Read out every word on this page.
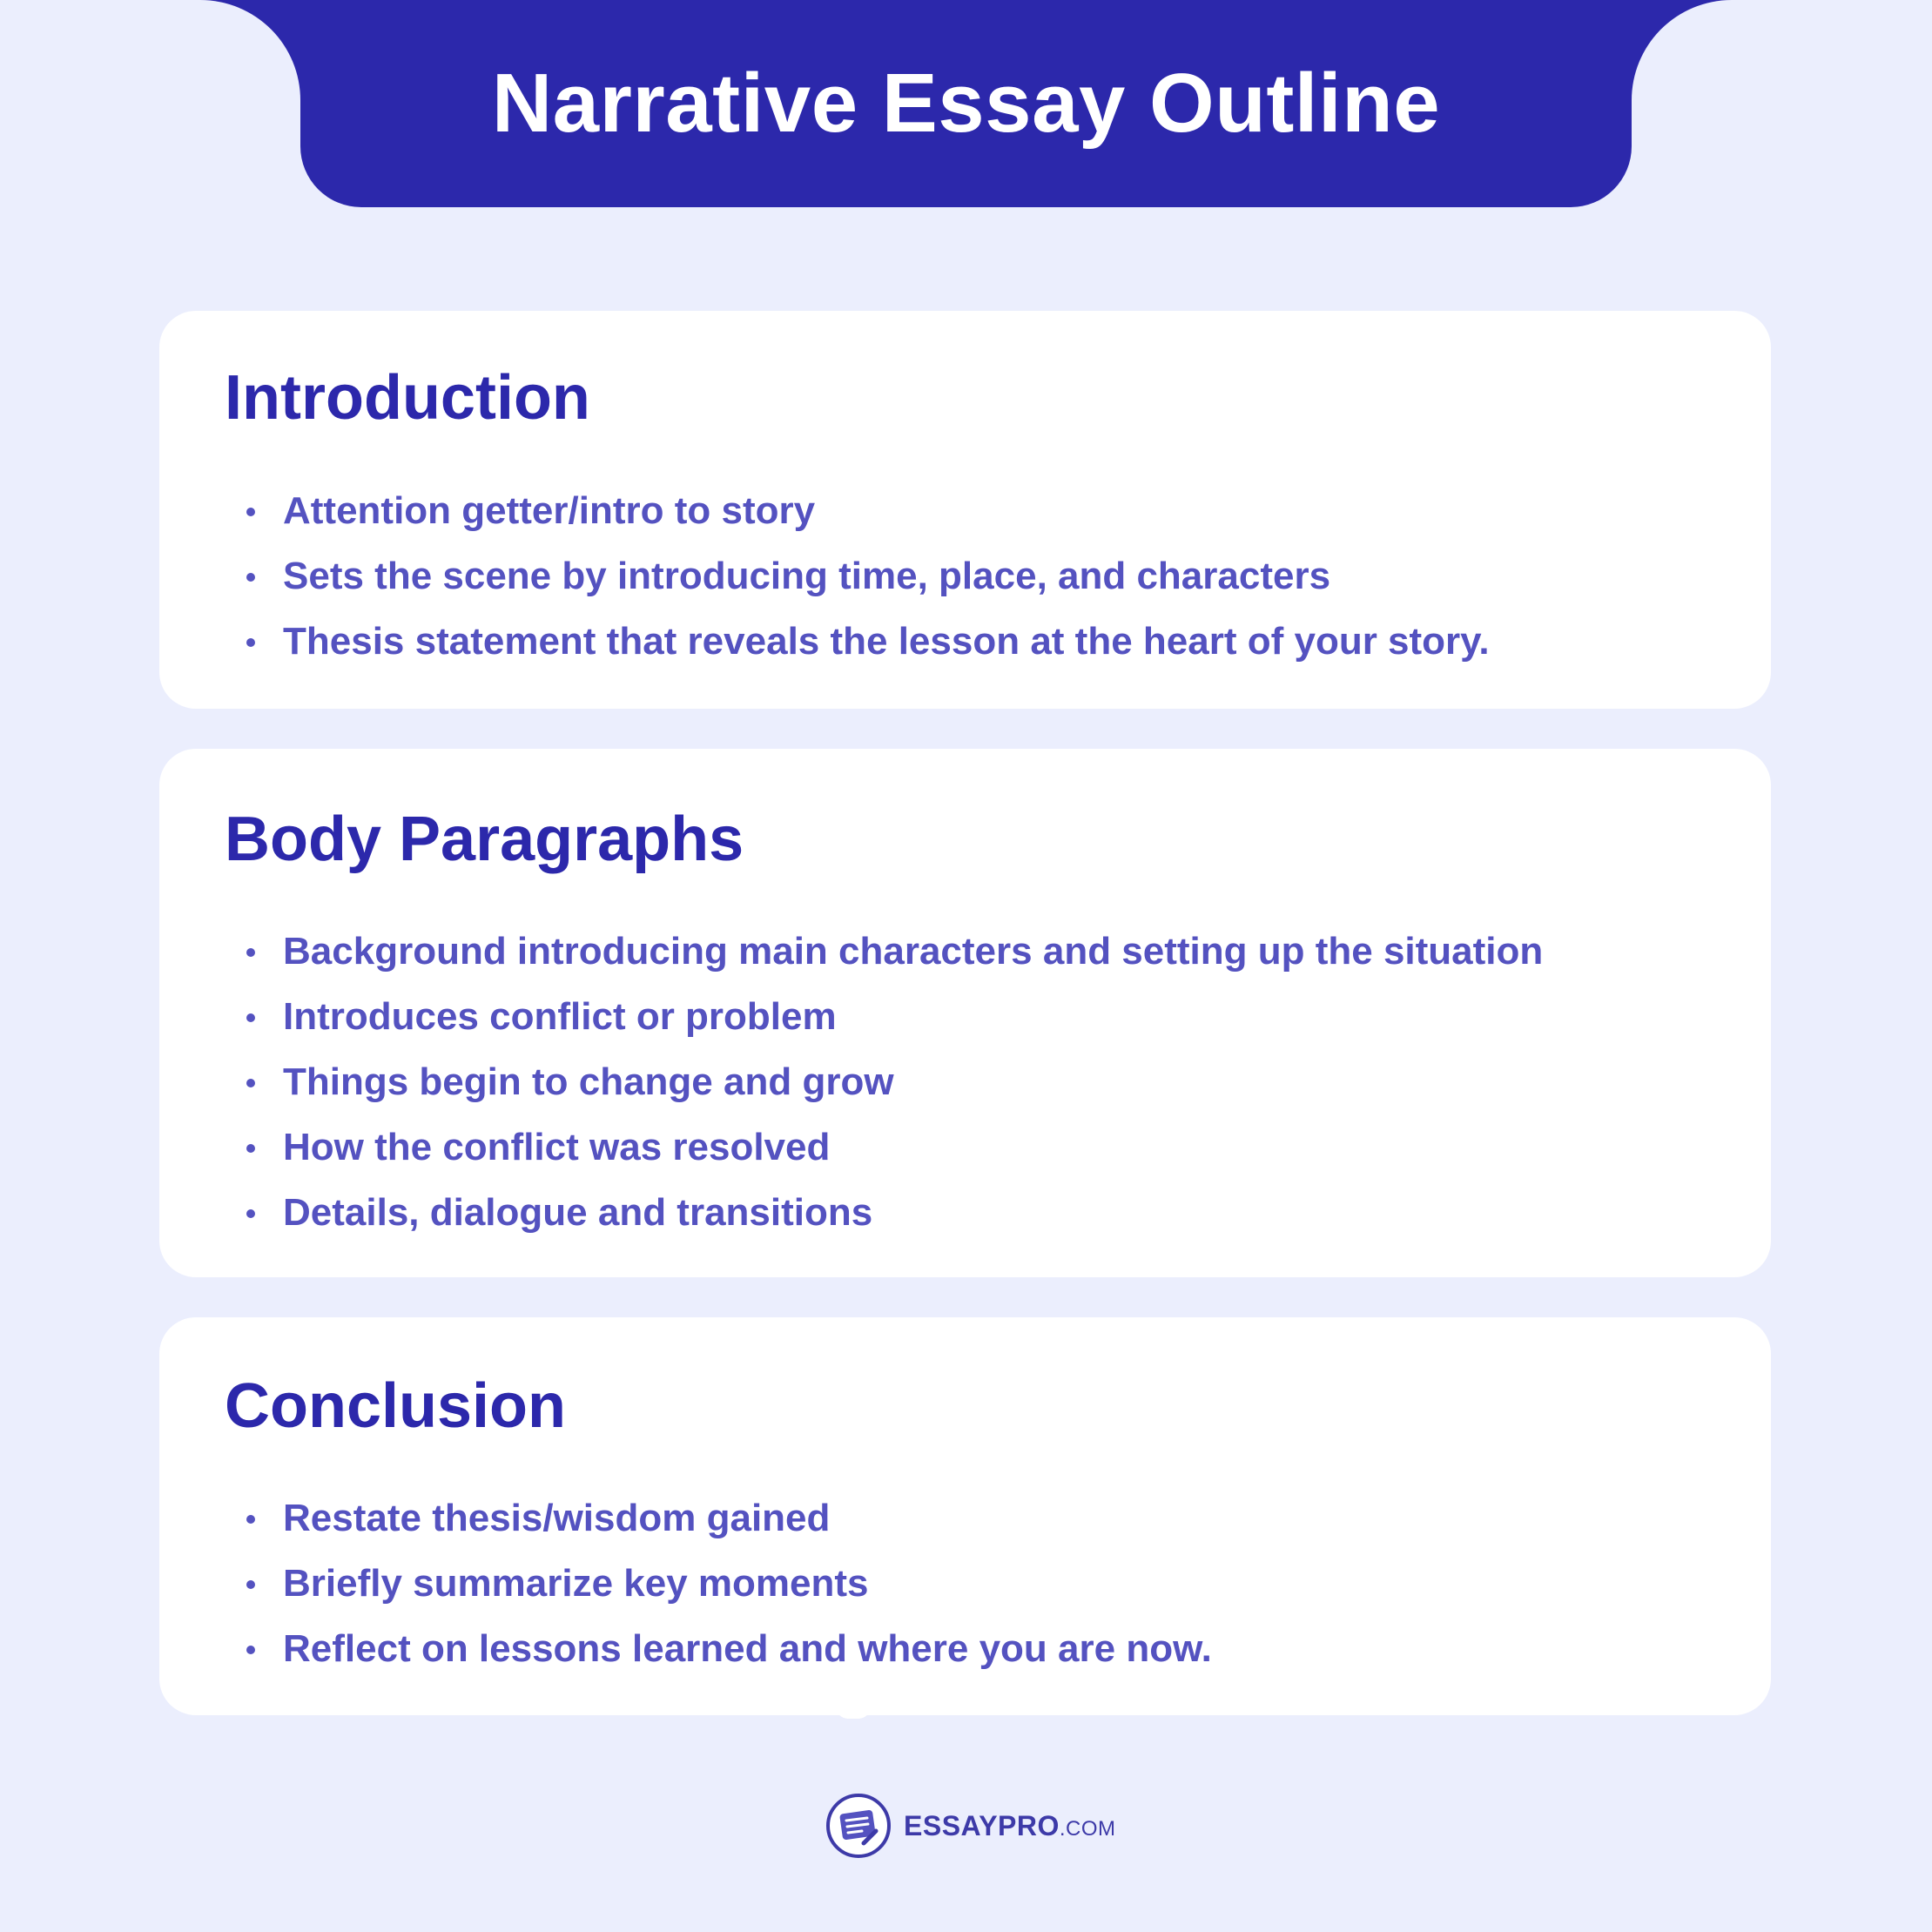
Narrative Essay Outline
Introduction
Attention getter/intro to story
Sets the scene by introducing time, place, and characters
Thesis statement that reveals the lesson at the heart of your story.
Body Paragraphs
Background introducing main characters and setting up the situation
Introduces conflict or problem
Things begin to change and grow
How the conflict was resolved
Details, dialogue and transitions
Conclusion
Restate thesis/wisdom gained
Briefly summarize key moments
Reflect on lessons learned and where you are now.
ESSAYPRO.COM
